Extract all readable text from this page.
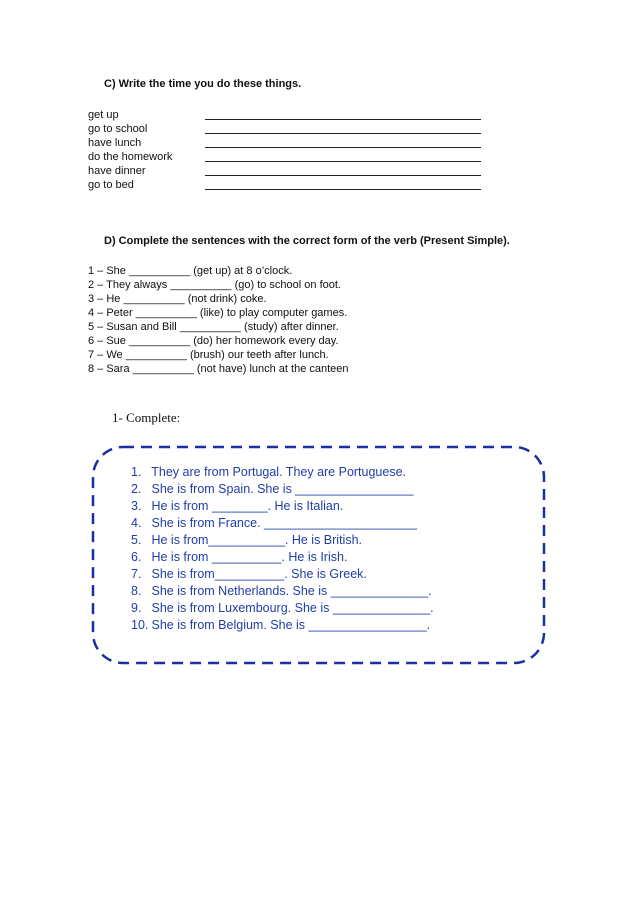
C) Write the time you do these things.
get up
go to school
have lunch
do the homework
have dinner
go to bed
D) Complete the sentences with the correct form of the verb (Present Simple).
1 – She __________ (get up) at 8 o’clock.
2 – They always __________ (go) to school on foot.
3 – He __________ (not drink) coke.
4 – Peter __________ (like) to play computer games.
5 – Susan and Bill __________ (study) after dinner.
6 – Sue __________ (do) her homework every day.
7 – We __________ (brush) our teeth after lunch.
8 – Sara __________ (not have) lunch at the canteen
1- Complete:
1. They are from Portugal. They are Portuguese.
2. She is from Spain. She is _________________
3. He is from ________. He is Italian.
4. She is from France. ______________________
5. He is from___________. He is British.
6. He is from __________. He is Irish.
7. She is from__________. She is Greek.
8. She is from Netherlands. She is ______________.
9. She is from Luxembourg. She is ______________.
10. She is from Belgium. She is _________________.
